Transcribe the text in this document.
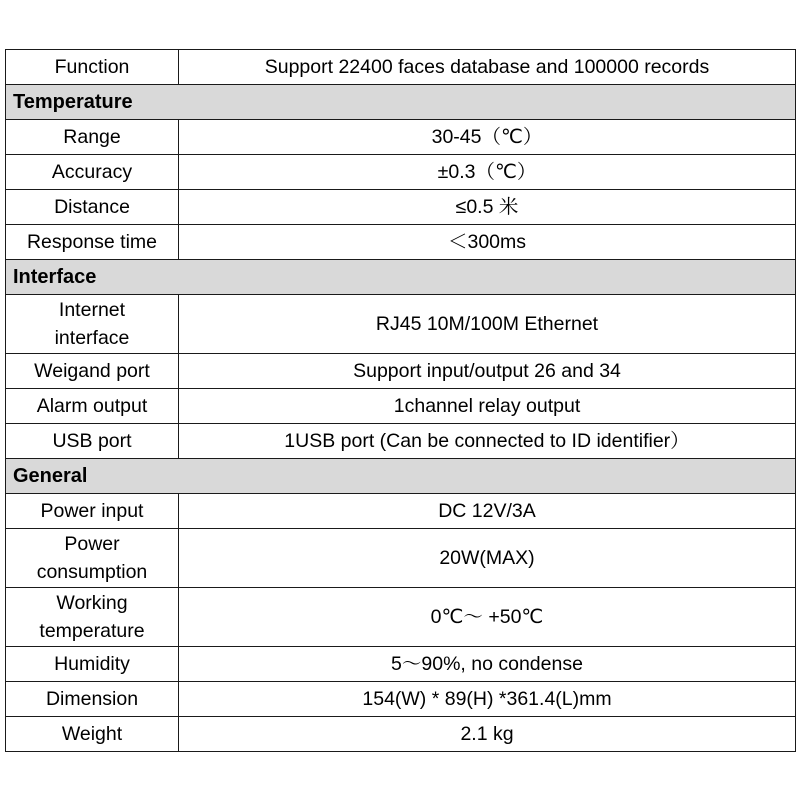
Function	Support 22400 faces database and 100000 records
Temperature	
Range	30-45（℃）
Accuracy	±0.3（℃）
Distance	≤0.5 米
Response time	＜300ms
Interface	
Internet interface	RJ45 10M/100M Ethernet
Weigand port	Support input/output 26 and 34
Alarm output	1channel relay output
USB port	1USB port (Can be connected to ID identifier）
General	
Power input	DC 12V/3A
Power consumption	20W(MAX)
Working temperature	0℃～ +50℃
Humidity	5～90%, no condense
Dimension	154(W) * 89(H) *361.4(L)mm
Weight	2.1 kg
